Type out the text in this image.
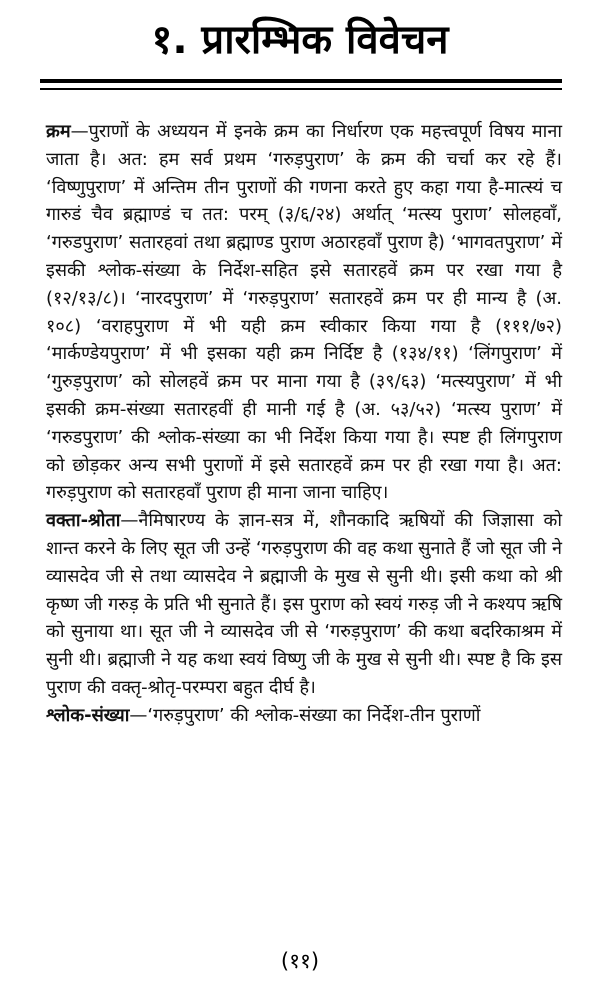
१. प्रारम्भिक विवेचन

क्रम—पुराणों के अध्ययन में इनके क्रम का निर्धारण एक महत्त्वपूर्ण विषय माना जाता है। अत: हम सर्व प्रथम ‘गरुड़पुराण’ के क्रम की चर्चा कर रहे हैं। ‘विष्णुपुराण’ में अन्तिम तीन पुराणों की गणना करते हुए कहा गया है-मात्स्यं च गारुडं चैव ब्रह्माण्डं च तत: परम् (३/६/२४) अर्थात् ‘मत्स्य पुराण’ सोलहवाँ, ‘गरुडपुराण’ सतारहवां तथा ब्रह्माण्ड पुराण अठारहवाँ पुराण है) ‘भागवतपुराण’ में इसकी श्लोक-संख्या के निर्देश-सहित इसे सतारहवें क्रम पर रखा गया है (१२/१३/८)। ‘नारदपुराण’ में ‘गरुड़पुराण’ सतारहवें क्रम पर ही मान्य है (अ. १०८) ‘वराहपुराण में भी यही क्रम स्वीकार किया गया है (१११/७२) ‘मार्कण्डेयपुराण’ में भी इसका यही क्रम निर्दिष्ट है (१३४/११) ‘लिंगपुराण’ में ‘गुरुड़पुराण’ को सोलहवें क्रम पर माना गया है (३९/६३) ‘मत्स्यपुराण’ में भी इसकी क्रम-संख्या सतारहवीं ही मानी गई है (अ. ५३/५२) ‘मत्स्य पुराण’ में ‘गरुडपुराण’ की श्लोक-संख्या का भी निर्देश किया गया है। स्पष्ट ही लिंगपुराण को छोड़कर अन्य सभी पुराणों में इसे सतारहवें क्रम पर ही रखा गया है। अत: गरुड़पुराण को सतारहवाँ पुराण ही माना जाना चाहिए।

वक्ता-श्रोता—नैमिषारण्य के ज्ञान-सत्र में, शौनकादि ऋषियों की जिज्ञासा को शान्त करने के लिए सूत जी उन्हें ‘गरुड़पुराण की वह कथा सुनाते हैं जो सूत जी ने व्यासदेव जी से तथा व्यासदेव ने ब्रह्माजी के मुख से सुनी थी। इसी कथा को श्री कृष्ण जी गरुड़ के प्रति भी सुनाते हैं। इस पुराण को स्वयं गरुड़ जी ने कश्यप ऋषि को सुनाया था। सूत जी ने व्यासदेव जी से ‘गरुड़पुराण’ की कथा बदरिकाश्रम में सुनी थी। ब्रह्माजी ने यह कथा स्वयं विष्णु जी के मुख से सुनी थी। स्पष्ट है कि इस पुराण की वक्तृ-श्रोतृ-परम्परा बहुत दीर्घ है।

श्लोक-संख्या—‘गरुड़पुराण’ की श्लोक-संख्या का निर्देश-तीन पुराणों

(११)
